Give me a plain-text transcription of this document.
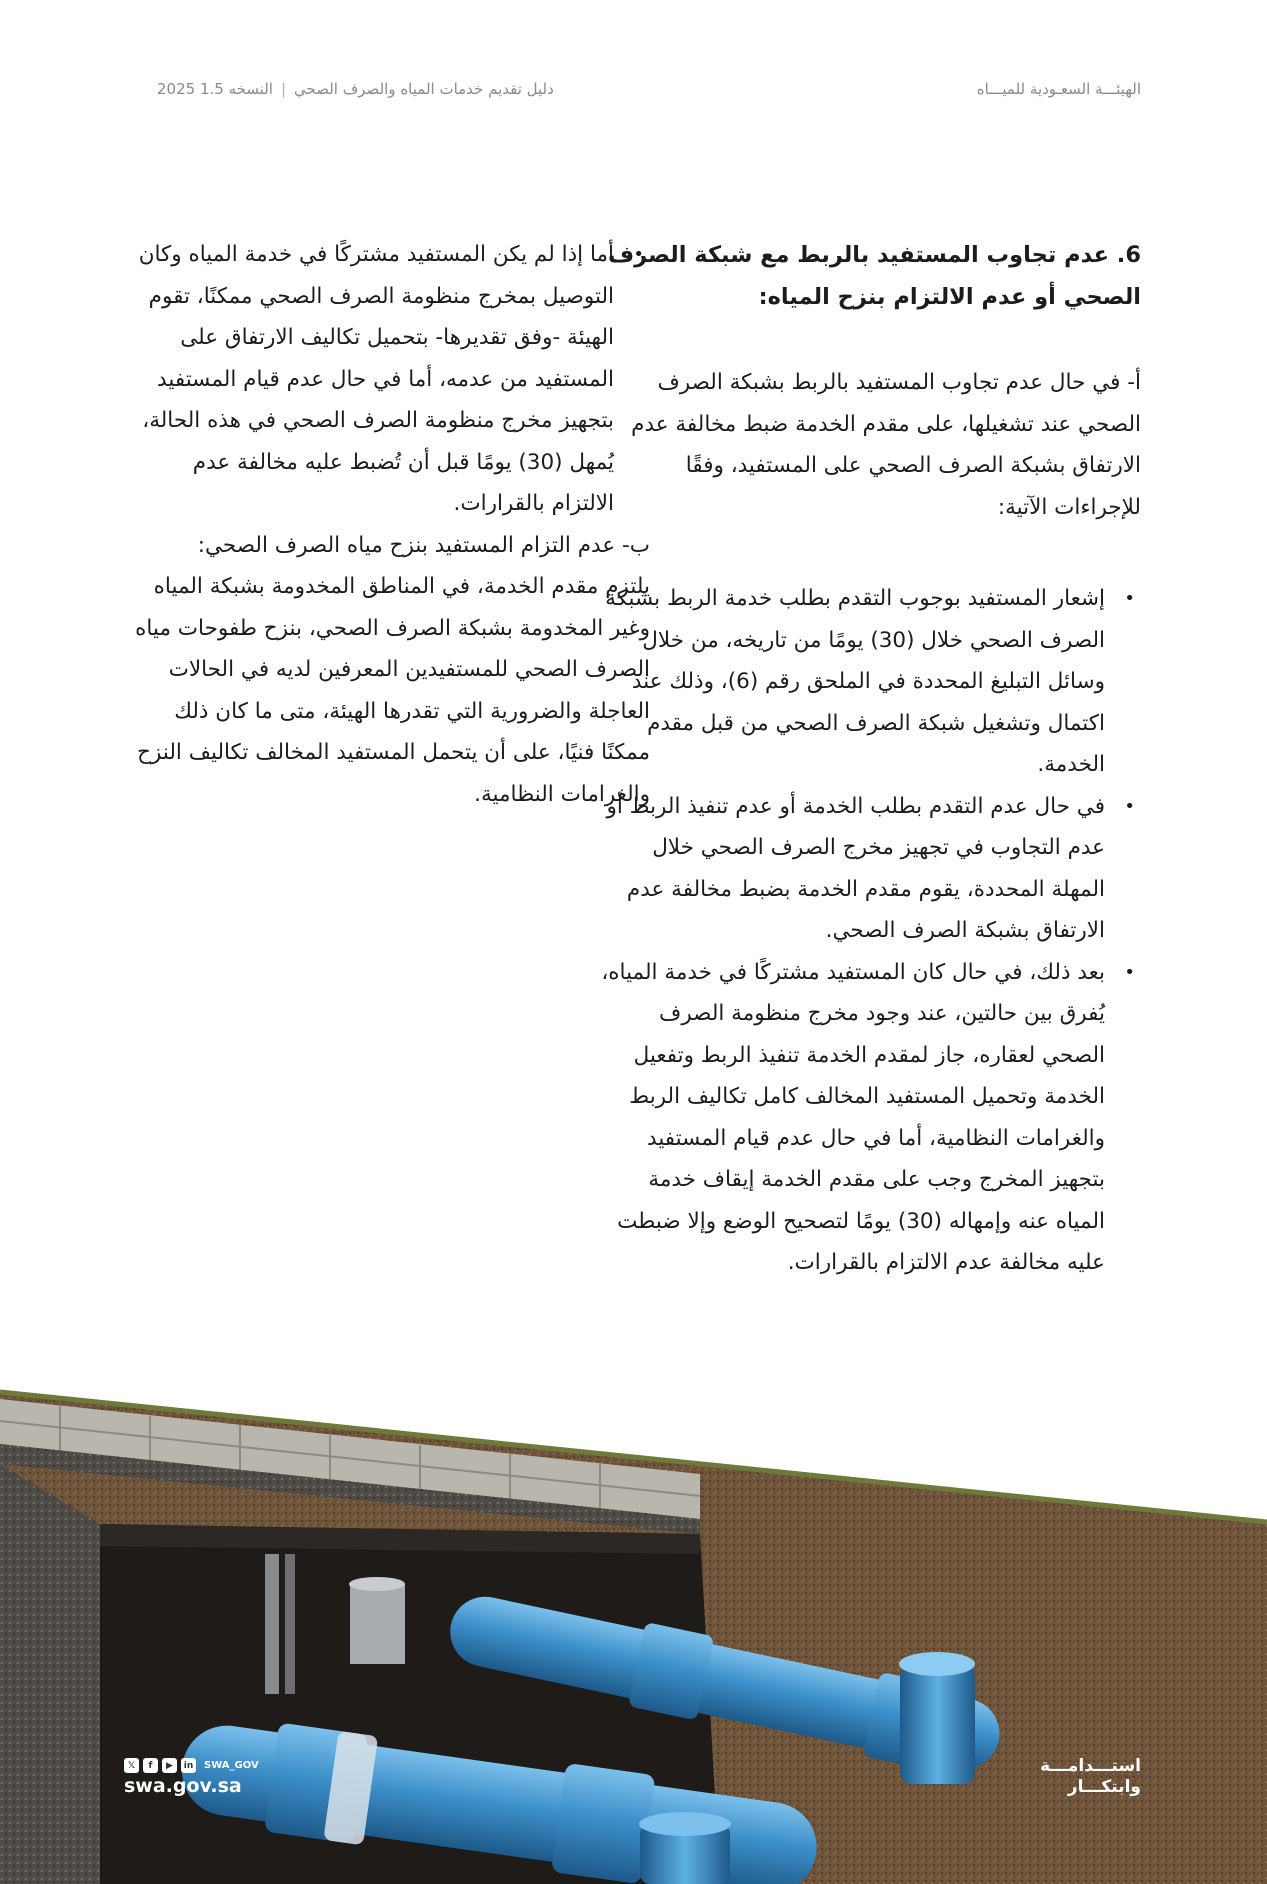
الهيئـــة السعـودية للميـــاه
دليل تقديم خدمات المياه والصرف الصحي
|
النسخه 1.5 2025
6. عدم تجاوب المستفيد بالربط مع شبكة الصرف الصحي أو عدم الالتزام بنزح المياه:

أ- في حال عدم تجاوب المستفيد بالربط بشبكة الصرف الصحي عند تشغيلها، على مقدم الخدمة ضبط مخالفة عدم الارتفاق بشبكة الصرف الصحي على المستفيد، وفقًا للإجراءات الآتية:

• إشعار المستفيد بوجوب التقدم بطلب خدمة الربط بشبكة الصرف الصحي خلال (30) يومًا من تاريخه، من خلال وسائل التبليغ المحددة في الملحق رقم (6)، وذلك عند اكتمال وتشغيل شبكة الصرف الصحي من قبل مقدم الخدمة.
• في حال عدم التقدم بطلب الخدمة أو عدم تنفيذ الربط أو عدم التجاوب في تجهيز مخرج الصرف الصحي خلال المهلة المحددة، يقوم مقدم الخدمة بضبط مخالفة عدم الارتفاق بشبكة الصرف الصحي.
• بعد ذلك، في حال كان المستفيد مشتركًا في خدمة المياه، يُفرق بين حالتين، عند وجود مخرج منظومة الصرف الصحي لعقاره، جاز لمقدم الخدمة تنفيذ الربط وتفعيل الخدمة وتحميل المستفيد المخالف كامل تكاليف الربط والغرامات النظامية، أما في حال عدم قيام المستفيد بتجهيز المخرج وجب على مقدم الخدمة إيقاف خدمة المياه عنه وإمهاله (30) يومًا لتصحيح الوضع وإلا ضبطت عليه مخالفة عدم الالتزام بالقرارات.
• أما إذا لم يكن المستفيد مشتركًا في خدمة المياه وكان التوصيل بمخرج منظومة الصرف الصحي ممكنًا، تقوم الهيئة -وفق تقديرها- بتحميل تكاليف الارتفاق على المستفيد من عدمه، أما في حال عدم قيام المستفيد بتجهيز مخرج منظومة الصرف الصحي في هذه الحالة، يُمهل (30) يومًا قبل أن تُضبط عليه مخالفة عدم الالتزام بالقرارات.

ب- عدم التزام المستفيد بنزح مياه الصرف الصحي:

يلتزم مقدم الخدمة، في المناطق المخدومة بشبكة المياه وغير المخدومة بشبكة الصرف الصحي، بنزح طفوحات مياه الصرف الصحي للمستفيدين المعرفين لديه في الحالات العاجلة والضرورية التي تقدرها الهيئة، متى ما كان ذلك ممكنًا فنيًا، على أن يتحمل المستفيد المخالف تكاليف النزح والغرامات النظامية.

𝕏	f	▶	in SWA_GOV
swa.gov.sa
استـــدامـــة
وابتكـــار
